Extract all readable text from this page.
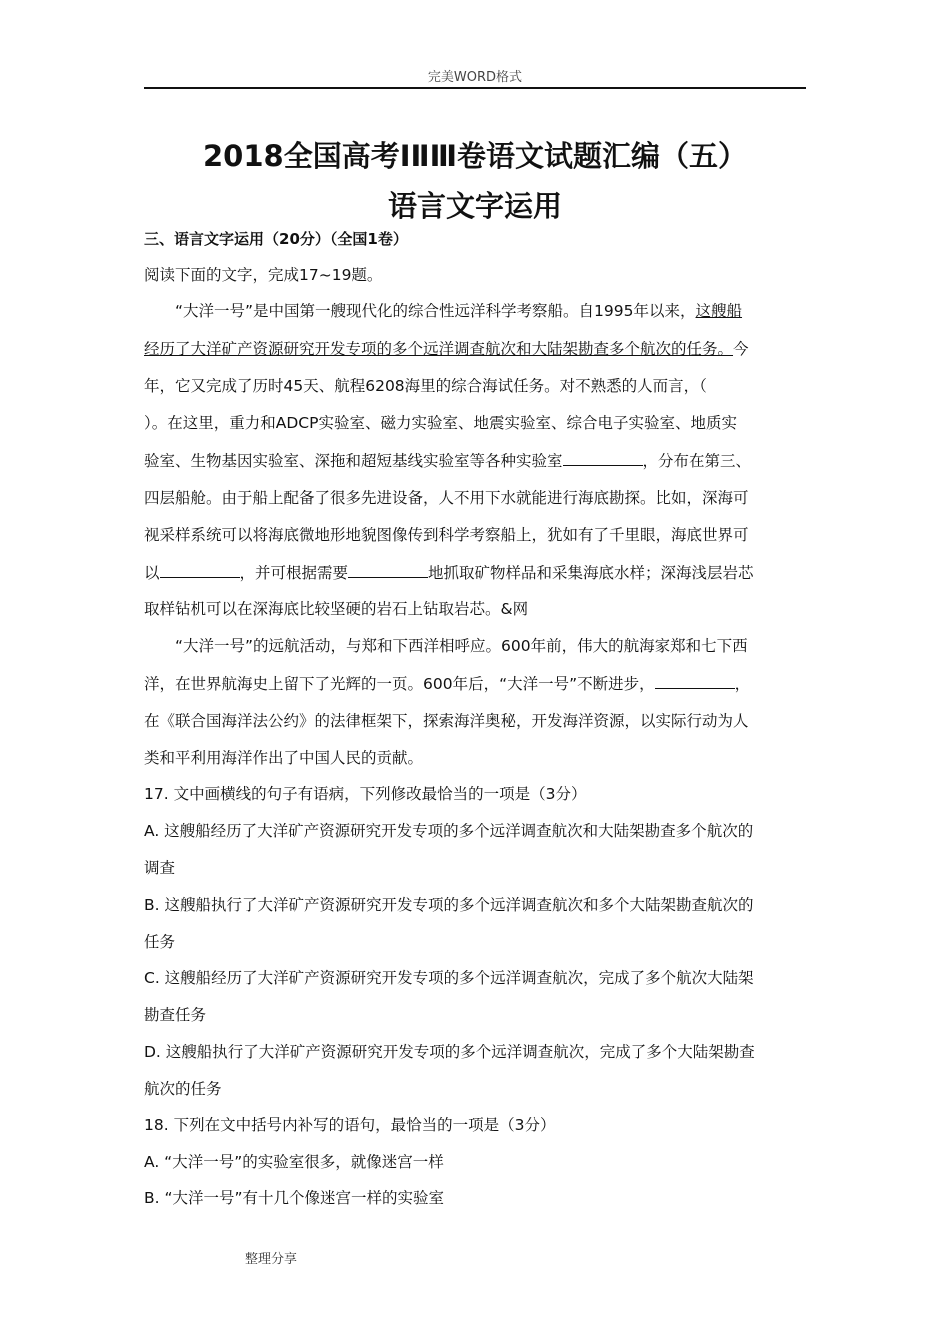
完美WORD格式
2018全国高考ⅠⅡⅢ卷语文试题汇编（五）
语言文字运用
三、语言文字运用（20分）（全国1卷）
阅读下面的文字，完成17~19题。
“大洋一号”是中国第一艘现代化的综合性远洋科学考察船。自1995年以来，这艘船
经历了大洋矿产资源研究开发专项的多个远洋调查航次和大陆架勘查多个航次的任务。今
年，它又完成了历时45天、航程6208海里的综合海试任务。对不熟悉的人而言，（
）。在这里，重力和ADCP实验室、磁力实验室、地震实验室、综合电子实验室、地质实
验室、生物基因实验室、深拖和超短基线实验室等各种实验室	，分布在第三、
四层船舱。由于船上配备了很多先进设备，人不用下水就能进行海底勘探。比如，深海可
视采样系统可以将海底微地形地貌图像传到科学考察船上，犹如有了千里眼，海底世界可
以	，并可根据需要	地抓取矿物样品和采集海底水样；深海浅层岩芯
取样钻机可以在深海底比较坚硬的岩石上钻取岩芯。&网
“大洋一号”的远航活动，与郑和下西洋相呼应。600年前，伟大的航海家郑和七下西
洋，在世界航海史上留下了光辉的一页。600年后，“大洋一号”不断进步，	，
在《联合国海洋法公约》的法律框架下，探索海洋奥秘，开发海洋资源，以实际行动为人
类和平利用海洋作出了中国人民的贡献。
17. 文中画横线的句子有语病，下列修改最恰当的一项是（3分）
A. 这艘船经历了大洋矿产资源研究开发专项的多个远洋调查航次和大陆架勘查多个航次的
调查
B. 这艘船执行了大洋矿产资源研究开发专项的多个远洋调查航次和多个大陆架勘查航次的
任务
C. 这艘船经历了大洋矿产资源研究开发专项的多个远洋调查航次，完成了多个航次大陆架
勘查任务
D. 这艘船执行了大洋矿产资源研究开发专项的多个远洋调查航次，完成了多个大陆架勘查
航次的任务
18. 下列在文中括号内补写的语句，最恰当的一项是（3分）
A. “大洋一号”的实验室很多，就像迷宫一样
B. “大洋一号”有十几个像迷宫一样的实验室
整理分享
